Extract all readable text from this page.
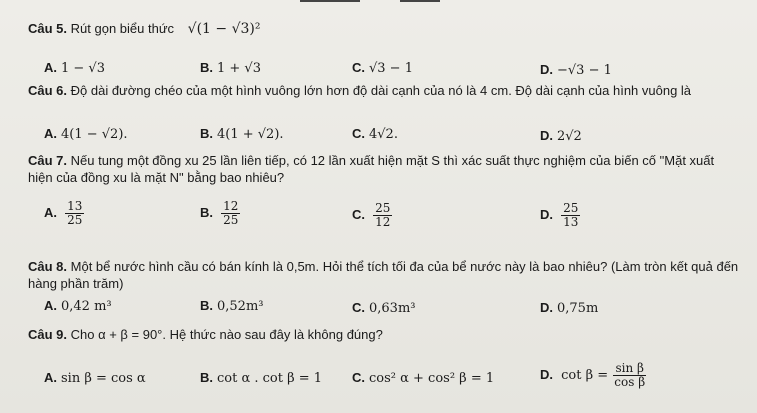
Câu 5. Rút gọn biểu thức √(1 − √3)²
A. 1 − √3	B. 1 + √3	C. √3 − 1	D. −√3 − 1
Câu 6. Độ dài đường chéo của một hình vuông lớn hơn độ dài cạnh của nó là 4 cm. Độ dài cạnh của hình vuông là
A. 4(1 − √2).	B. 4(1 + √2).	C. 4√2.	D. 2√2
Câu 7. Nếu tung một đồng xu 25 lần liên tiếp, có 12 lần xuất hiện mặt S thì xác suất thực nghiệm của biến cố "Mặt xuất hiện của đồng xu là mặt N" bằng bao nhiêu?
A. $\frac{13}{25}$	B. $\frac{12}{25}$	C. $\frac{25}{12}$	D. $\frac{25}{13}$
Câu 8. Một bể nước hình cầu có bán kính là 0,5m. Hỏi thể tích tối đa của bể nước này là bao nhiêu? (Làm tròn kết quả đến hàng phần trăm)
A. 0,42 m³	B. 0,52m³	C. 0,63m³	D. 0,75m
Câu 9. Cho α + β = 90°. Hệ thức nào sau đây là không đúng?
A. sin β = cos α	B. cot α . cot β = 1 C. cos² α + cos² β = 1	D. $\cot \beta = \frac{\text{sin β}}{\text{cos β}}$
